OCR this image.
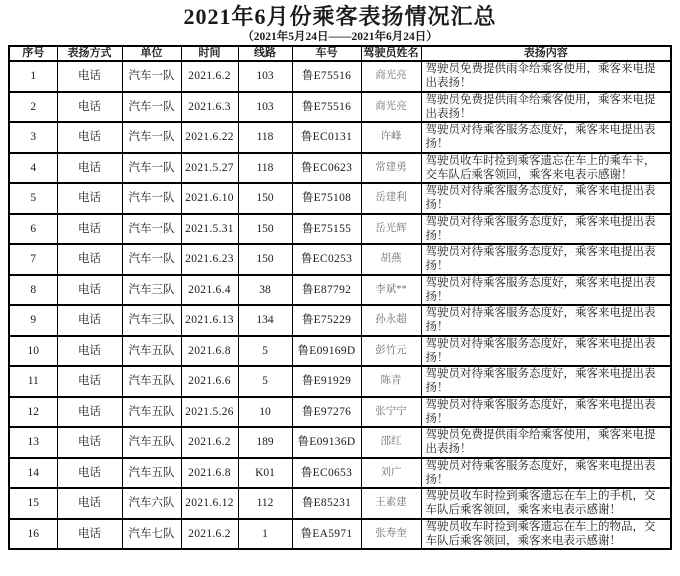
2021年6月份乘客表扬情况汇总
（2021年5月24日——2021年6月24日）
序号	表扬方式	单位	时间	线路	车号	驾驶员姓名	表扬内容
1	电话	汽车一队	2021.6.2	103	鲁E75516	商光亮	驾驶员免费提供雨伞给乘客使用，乘客来电提出表扬！
2	电话	汽车一队	2021.6.3	103	鲁E75516	商光亮	驾驶员免费提供雨伞给乘客使用，乘客来电提出表扬！
3	电话	汽车一队	2021.6.22	118	鲁EC0131	许峰	驾驶员对待乘客服务态度好，乘客来电提出表扬！
4	电话	汽车一队	2021.5.27	118	鲁EC0623	常建勇	驾驶员收车时捡到乘客遗忘在车上的乘车卡，交车队后乘客领回，乘客来电表示感谢！
5	电话	汽车一队	2021.6.10	150	鲁E75108	岳建利	驾驶员对待乘客服务态度好，乘客来电提出表扬！
6	电话	汽车一队	2021.5.31	150	鲁E75155	岳光辉	驾驶员对待乘客服务态度好，乘客来电提出表扬！
7	电话	汽车一队	2021.6.23	150	鲁EC0253	胡燕	驾驶员对待乘客服务态度好，乘客来电提出表扬！
8	电话	汽车三队	2021.6.4	38	鲁E87792	李斌**	驾驶员对待乘客服务态度好，乘客来电提出表扬！
9	电话	汽车三队	2021.6.13	134	鲁E75229	孙永超	驾驶员对待乘客服务态度好，乘客来电提出表扬！
10	电话	汽车五队	2021.6.8	5	鲁E09169D	彭竹元	驾驶员对待乘客服务态度好，乘客来电提出表扬！
11	电话	汽车五队	2021.6.6	5	鲁E91929	陈青	驾驶员对待乘客服务态度好，乘客来电提出表扬！
12	电话	汽车五队	2021.5.26	10	鲁E97276	张宁宁	驾驶员对待乘客服务态度好，乘客来电提出表扬！
13	电话	汽车五队	2021.6.2	189	鲁E09136D	邵红	驾驶员免费提供雨伞给乘客使用，乘客来电提出表扬！
14	电话	汽车五队	2021.6.8	K01	鲁EC0653	刘广	驾驶员对待乘客服务态度好，乘客来电提出表扬！
15	电话	汽车六队	2021.6.12	112	鲁E85231	王素建	驾驶员收车时捡到乘客遗忘在车上的手机，交车队后乘客领回，乘客来电表示感谢！
16	电话	汽车七队	2021.6.2	1	鲁EA5971	张寿奎	驾驶员收车时捡到乘客遗忘在车上的物品，交车队后乘客领回，乘客来电表示感谢！
